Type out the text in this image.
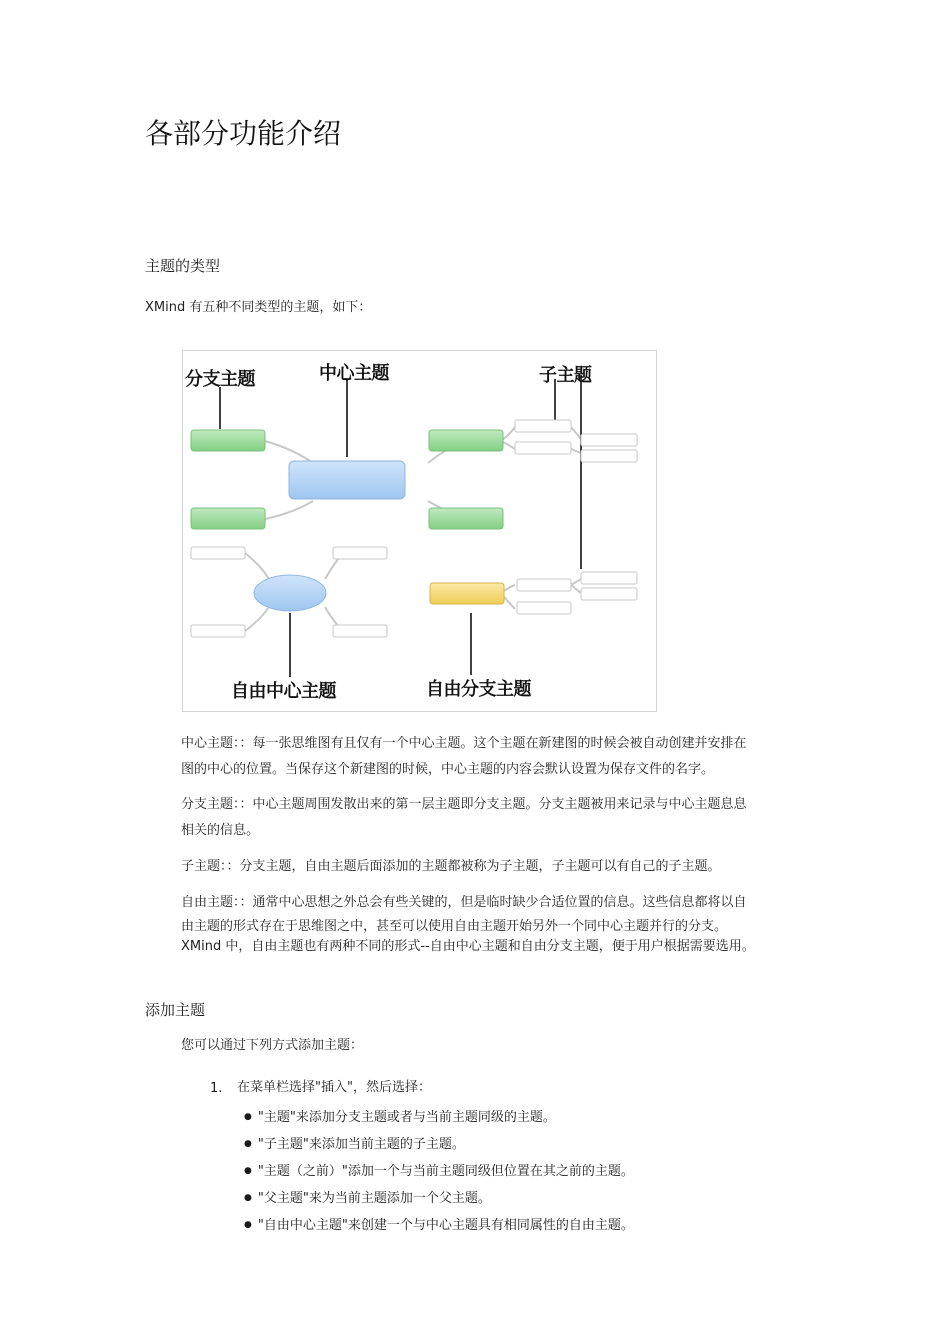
各部分功能介绍
主题的类型
XMind 有五种不同类型的主题，如下：
分支主题	中心主题	子主题
自由中心主题	自由分支主题
中心主题：：每一张思维图有且仅有一个中心主题。这个主题在新建图的时候会被自动创建并安排在
图的中心的位置。当保存这个新建图的时候，中心主题的内容会默认设置为保存文件的名字。
分支主题：：中心主题周围发散出来的第一层主题即分支主题。分支主题被用来记录与中心主题息息
相关的信息。
子主题：：分支主题，自由主题后面添加的主题都被称为子主题，子主题可以有自己的子主题。
自由主题：：通常中心思想之外总会有些关键的，但是临时缺少合适位置的信息。这些信息都将以自
由主题的形式存在于思维图之中，甚至可以使用自由主题开始另外一个同中心主题并行的分支。
XMind 中，自由主题也有两种不同的形式--自由中心主题和自由分支主题，便于用户根据需要选用。
添加主题
您可以通过下列方式添加主题：
1. 在菜单栏选择"插入"，然后选择：
● "主题"来添加分支主题或者与当前主题同级的主题。
● "子主题"来添加当前主题的子主题。
● "主题（之前）"添加一个与当前主题同级但位置在其之前的主题。
● "父主题"来为当前主题添加一个父主题。
● "自由中心主题"来创建一个与中心主题具有相同属性的自由主题。
